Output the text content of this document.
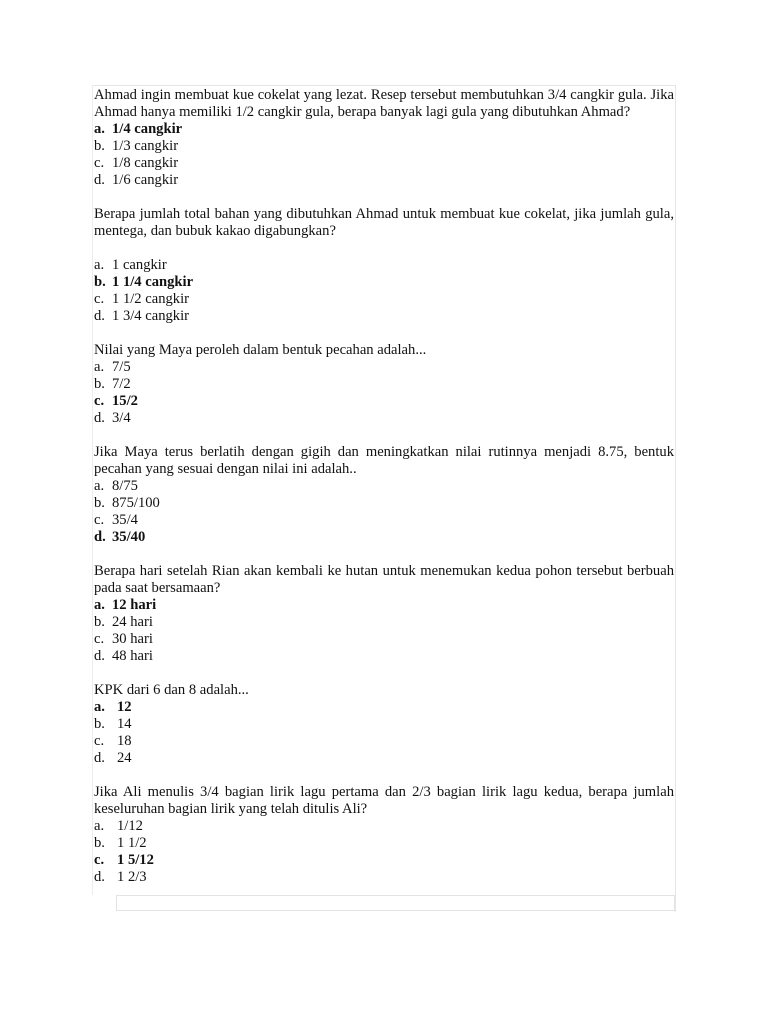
Ahmad ingin membuat kue cokelat yang lezat. Resep tersebut membutuhkan 3/4 cangkir gula. Jika Ahmad hanya memiliki 1/2 cangkir gula, berapa banyak lagi gula yang dibutuhkan Ahmad?

a. 1/4 cangkir
b. 1/3 cangkir
c. 1/8 cangkir
d. 1/6 cangkir

Berapa jumlah total bahan yang dibutuhkan Ahmad untuk membuat kue cokelat, jika jumlah gula, mentega, dan bubuk kakao digabungkan?

a. 1 cangkir
b. 1 1/4 cangkir
c. 1 1/2 cangkir
d. 1 3/4 cangkir

Nilai yang Maya peroleh dalam bentuk pecahan adalah...

a. 7/5
b. 7/2
c. 15/2
d. 3/4

Jika Maya terus berlatih dengan gigih dan meningkatkan nilai rutinnya menjadi 8.75, bentuk pecahan yang sesuai dengan nilai ini adalah..

a. 8/75
b. 875/100
c. 35/4
d. 35/40

Berapa hari setelah Rian akan kembali ke hutan untuk menemukan kedua pohon tersebut berbuah pada saat bersamaan?

a. 12 hari
b. 24 hari
c. 30 hari
d. 48 hari

KPK dari 6 dan 8 adalah...

a. 12
b. 14
c. 18
d. 24

Jika Ali menulis 3/4 bagian lirik lagu pertama dan 2/3 bagian lirik lagu kedua, berapa jumlah keseluruhan bagian lirik yang telah ditulis Ali?

a. 1/12
b. 1 1/2
c. 1 5/12
d. 1 2/3
